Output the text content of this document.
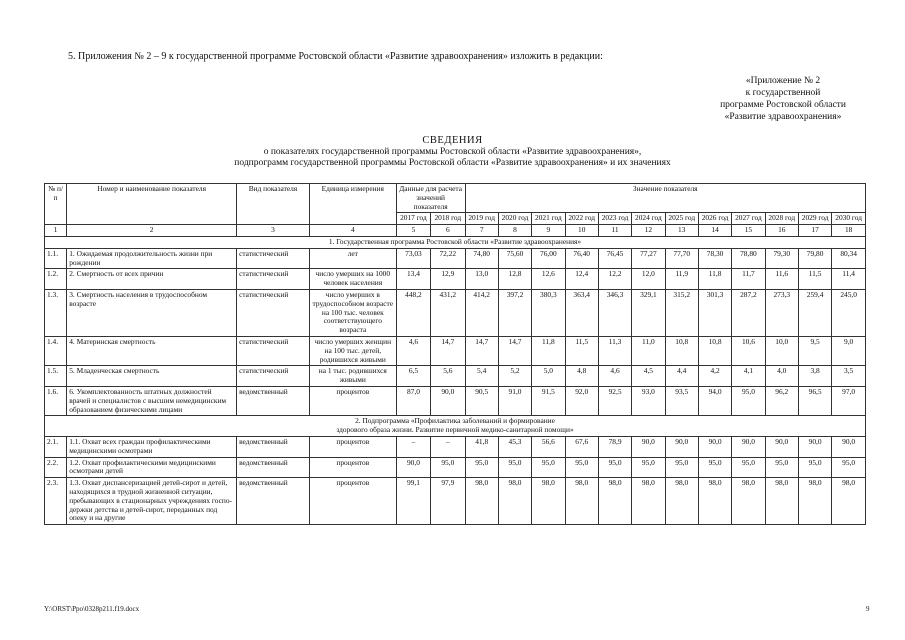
5. Приложения № 2 – 9 к государственной программе Ростовской области «Развитие здравоохранения» изложить в редакции:
«Приложение № 2
к государственной
программе Ростовской области
«Развитие здравоохранения»
СВЕДЕНИЯ
о показателях государственной программы Ростовской области «Развитие здравоохранения»,
подпрограмм государственной программы Ростовской области «Развитие здравоохранения» и их значениях
№ п/п	Номер и наименование показателя	Вид показателя	Единица измерения	Данные для расчета значений показателя		Значение показателя											
				2017 год	2018 год	2019 год	2020 год	2021 год	2022 год	2023 год	2024 год	2025 год	2026 год	2027 год	2028 год	2029 год	2030 год
1	2	3	4	5	6	7	8	9	10	11	12	13	14	15	16	17	18
1. Государственная программа Ростовской области «Развитие здравоохранения»																	
1.1.	1. Ожидаемая продолжительность жизни при рождении	статистический	лет	73,03	72,22	74,80	75,60	76,00	76,40	76,45	77,27	77,70	78,30	78,80	79,30	79,80	80,34
1.2.	2. Смертность от всех причин	статистический	число умерших на 1000 человек населения	13,4	12,9	13,0	12,8	12,6	12,4	12,2	12,0	11,9	11,8	11,7	11,6	11,5	11,4
1.3.	3. Смертность населения в трудоспособном возрасте	статистический	число умерших в трудоспособном возрасте на 100 тыс. человек соответствующего возраста	448,2	431,2	414,2	397,2	380,3	363,4	346,3	329,1	315,2	301,3	287,2	273,3	259,4	245,0
1.4.	4. Материнская смертность	статистический	число умерших женщин на 100 тыс. детей, родившихся живыми	4,6	14,7	14,7	14,7	11,8	11,5	11,3	11,0	10,8	10,8	10,6	10,0	9,5	9,0
1.5.	5. Младенческая смертность	статистический	на 1 тыс. родившихся живыми	6,5	5,6	5,4	5,2	5,0	4,8	4,6	4,5	4,4	4,2	4,1	4,0	3,8	3,5
1.6.	6. Укомплектованность штатных должностей врачей и специалистов с высшим немедицинским образованием физическими лицами	ведомственный	процентов	87,0	90,0	90,5	91,0	91,5	92,0	92,5	93,0	93,5	94,0	95,0	96,2	96,5	97,0

2. Подпрограмма «Профилактика заболеваний и формирование
здорового образа жизни. Развитие первичной медико-санитарной помощи»																	

2.1.	1.1. Охват всех граждан профилактическими медицинскими осмотрами	ведомственный	процентов	–	–	41,8	45,3	56,6	67,6	78,9	90,0	90,0	90,0	90,0	90,0	90,0	90,0
2.2.	1.2. Охват профилактическими медицинскими осмотрами детей	ведомственный	процентов	90,0	95,0	95,0	95,0	95,0	95,0	95,0	95,0	95,0	95,0	95,0	95,0	95,0	95,0
2.3.	1.3. Охват диспансеризацией детей-сирот и детей, находящихся в трудной жизненной ситуации, пребывающих в стационарных учреждениях господержки детства и детей-сирот, переданных под опеку и на другие	ведомственный	процентов	99,1	97,9	98,0	98,0	98,0	98,0	98,0	98,0	98,0	98,0	98,0	98,0	98,0	98,0
Y:\ORST\Ppo\0328p211.f19.docx	9
